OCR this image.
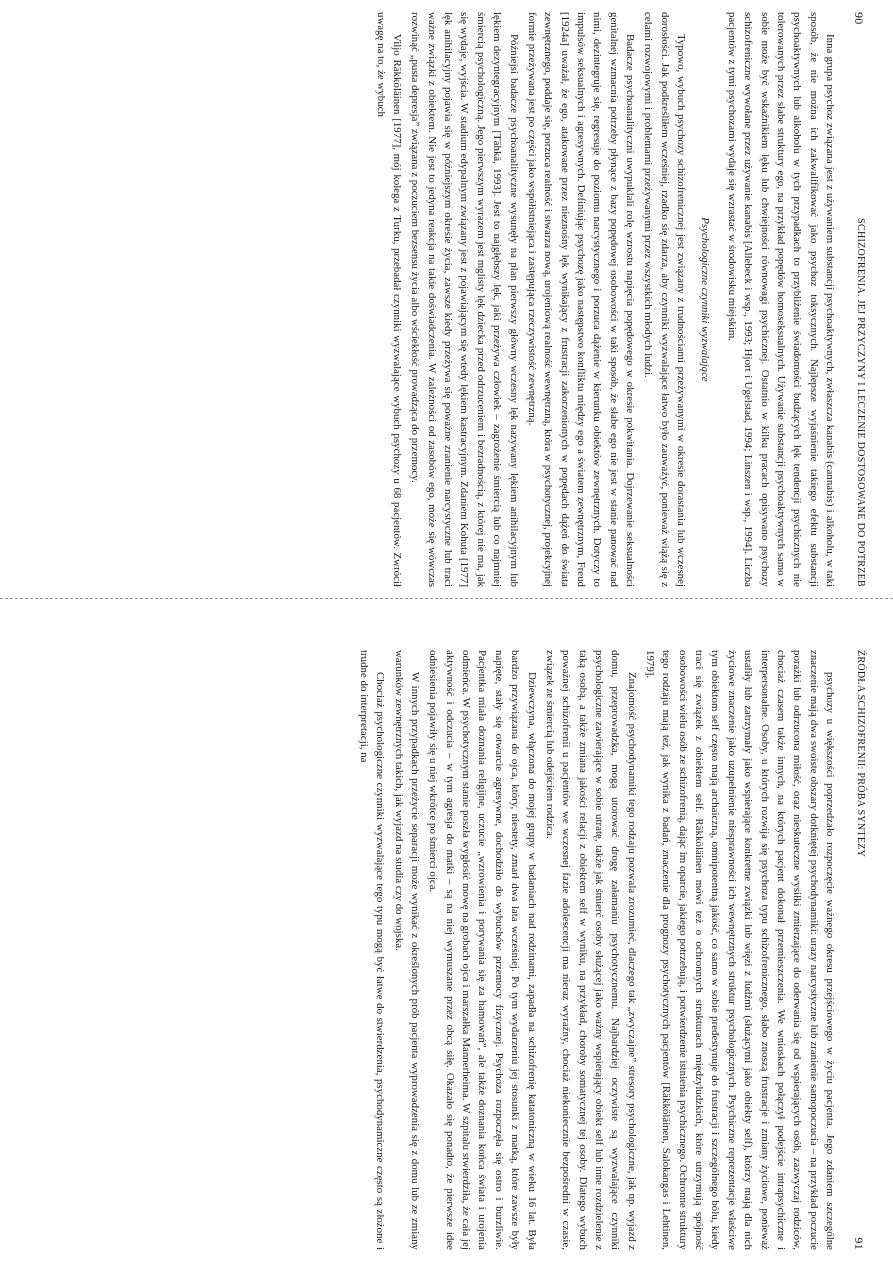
90
SCHIZOFRENIA. JEJ PRZYCZYNY I LECZENIE DOSTOSOWANE DO POTRZEB

Inna grupa psychoz związana jest z używaniem substancji psychoaktywnych, zwłaszcza kanabis (cannabis) i alkoholu, w taki sposób, że nie można ich zakwalifikować jako psychoz toksycznych. Najlepsze wyjaśnienie takiego efektu substancji psychoaktywnych lub alkoholu w tych przypadkach to przybliżenie świadomości budzących lęk tendencji psychicznych nie tolerowanych przez słabe struktury ego, na przykład popędów homoseksualnych. Używanie substancji psychoaktywnych samo w sobie może być wskaźnikiem lęku lub chwiejności równowagi psychicznej. Ostatnio w kilku pracach opisywano psychozy schizofreniczne wywołane przez używanie kanabis [Allebeck i wsp., 1993; Hjort i Ugelstad, 1994; Linszen i wsp., 1994]. Liczba pacjentów z tymi psychozami wydaje się wzrastać w środowisku miejskim.

Psychologiczne czynniki wyzwalające

Typowo, wybuch psychozy schizofrenicznej jest związany z trudnościami przeżywanymi w okresie dorastania lub wczesnej dorosłości. Jak podkreśliłem wcześniej, rzadko się zdarza, aby czynniki wyzwalające łatwo było zauważyć, ponieważ wiążą się z celami rozwojowymi i problemami przeżywanymi przez wszystkich młodych ludzi.

Badacze psychoanalityczni uwypuklali rolę wzrostu napięcia popędowego w okresie pokwitania. Dojrzewanie seksualności genitalnej wzmacnia potrzeby płynące z bazy popędowej osobowości w taki sposób, że słabe ego nie jest w stanie panować nad nimi, dezintegruje się, regresuje do poziomu narcystycznego i porzuca dążenie w kierunku obiektów zewnętrznych. Dotyczy to impulsów seksualnych i agresywnych. Definiując psychozę jako następstwo konfliktu między ego a światem zewnętrznym, Freud [1924a] uważał, że ego, atakowane przez nieznośny lęk wynikający z frustracji zakorzenionych w popędach dążeń do świata zewnętrznego, poddaje się, porzuca realność i stwarza nową, urojeniową realność wewnętrzną, która w psychotycznej, projekcyjnej formie przeżywana jest po części jako współistniejąca i zastępująca rzeczywistość zewnętrzną.

Późniejsi badacze psychoanalityczne wysunęły na plan pierwszy główny wczesny lęk nazywany lękiem anihilacyjnym lub lękiem dezyntegracyjnym [Tähkä, 1993]. Jest to najgłębszy lęk, jaki przeżywa człowiek – zagrożenie śmiercią lub co najmniej śmiercią psychologiczną. Jego pierwszym wyrazem jest mglisty lęk dziecka przed odrzuceniem i bezradnością, z której nie ma, jak się wydaje, wyjścia. W stadium edypalnym związany jest z pojawiającym się wtedy lękiem kastracyjnym. Zdaniem Kohuta [1977] lęk anihilacyjny pojawia się w późniejszym okresie życia, zawsze kiedy przeżywa się poważne zranienie narcystyczne lub traci ważne związki z obiektem. Nie jest to jedyna reakcja na takie doświadczenia. W zależności od zasobów ego, może się wówczas rozwinąć „pusta depresja” związana z poczuciem bezsensu życia albo wściekłość prowadząca do przemocy.

Viljo Räkköläinen [1977], mój kolega z Turku, przebadał czynniki wyzwalające wybuch psychozy u 68 pacjentów. Zwrócił uwagę na to, że wybuch

ŹRÓDŁA SCHIZOFRENII: PRÓBA SYNTEZY
91

psychozy u większości poprzedzało rozpoczęcie ważnego okresu przejściowego w życiu pacjenta. Jego zdaniem szczególne znaczenie mają dwa swoiste obszary dotkniętej psychodynamiki: urazy narcystyczne lub zranienie samopoczucia – na przykład poczucie porażki lub odrzucona miłość, oraz nieskuteczne wysiłki zmierzające do oderwania się od wspierających osób, zazwyczaj rodziców, chociaż czasem także innych, na których pacjent dokonał przemieszczenia. We wnioskach połączył podejście intrapsychiczne i interpersonalne. Osoby, u których rozwija się psychoza typu schizofrenicznego, słabo znoszą frustracje i zmiany życiowe, ponieważ ustaliły lub zatrzymały jako wspierające konkretne związki lub więzi z ludźmi (służącymi jako obiekty self), którzy mają dla nich życiowe znaczenie jako uzupełnienie niesprawności ich wewnętrznych struktur psychologicznych. Psychiczne reprezentacje właściwe tym obiektom self często mają archaiczną, omnipotentną jakość, co samo w sobie predestynuje do frustracji i szczególnego bólu, kiedy traci się związek z obiektem self. Räkköläinen mówi też o ochronnych strukturach międzyludzkich, które utrzymują spójność osobowości wielu osób ze schizofrenią, dając im oparcie, jakiego potrzebują, i potwierdzenie istnienia psychicznego. Ochronne struktury tego rodzaju mają też, jak wynika z badań, znaczenie dla prognozy psychotycznych pacjentów [Räkköläinen, Salokangas i Lehtinen, 1979].

Znajomość psychodynamiki tego rodzaju pozwala zrozumieć, dlaczego tak „zwyczajne” stresory psychologiczne, jak np. wyjazd z domu, przeprowadzka, mogą utorować drogę załamaniu psychotycznemu. Najbardziej oczywiste są wyzwalające czynniki psychologiczne zawierające w sobie utratę, także jak śmierć osoby służącej jako ważny wspierający obiekt self lub inne rozdzielenie z taką osobą, a także zmiana jakości relacji z obiektem self w wyniku, na przykład, choroby somatycznej tej osoby. Dlatego wybuch poważnej schizofrenii u pacjentów we wczesnej fazie adolescencji ma nieraz wyraźny, chociaż niekoniecznie bezpośredni w czasie, związek ze śmiercią lub odejściem rodzica.

Dziewczyna, włączona do mojej grupy w badaniach nad rodzinami, zapadła na schizofrenię katatoniczną w wieku 16 lat. Była bardzo przywiązana do ojca, który, niestety, zmarł dwa lata wcześniej. Po tym wydarzeniu jej stosunki z matką, które zawsze były napięte, stały się otwarcie agresywne, dochodziło do wybuchów przemocy fizycznej. Psychoza rozpoczęła się ostro i burzliwie. Pacjentka miała doznania religijne, uczucie „wzrowienia i porywania się za hamowań”, ale także doznania końca świata i urojenia odmieńca. W psychotycznym stanie poszła wygłosić mowę na grobach ojca i marszałka Mannerheima. W szpitalu stwierdziła, że cała jej aktywność i odczucia – w tym agresja do matki – są na niej wymuszane przez obcą siłę. Okazało się ponadto, że pierwsze idee odniesienia pojawiły się u niej wkrótce po śmierci ojca.

W innych przypadkach przeżycie separacji może wynikać z określonych prób pacjenta wyprowadzenia się z domu lub ze zmiany warunków zewnętrznych takich, jak wyjazd na studia czy do wojska.

Chociaż psychologiczne czynniki wyzwalające tego typu mogą być łatwe do stwierdzenia, psychodynamiczne często są złożone i trudne do interpretacji, na
